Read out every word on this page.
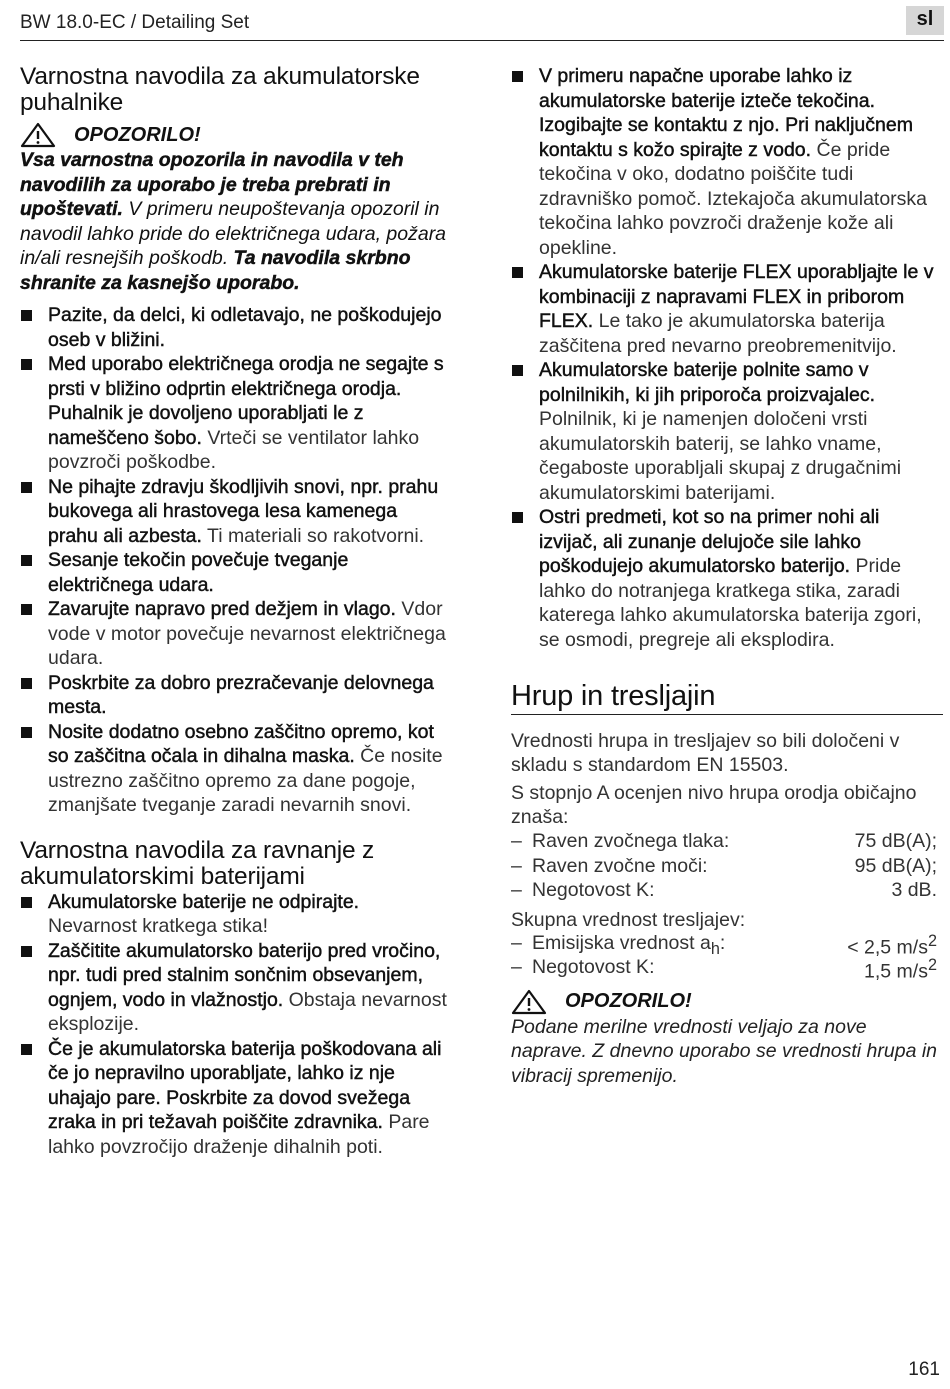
BW 18.0-EC / Detailing Set	sl
Varnostna navodila za akumulatorske puhalnike
OPOZORILO!
Vsa varnostna opozorila in navodila v teh navodilih za uporabo je treba prebrati in upoštevati. V primeru neupoštevanja opozoril in navodil lahko pride do električnega udara, požara in/ali resnejših poškodb. Ta navodila skrbno shranite za kasnejšo uporabo.
Pazite, da delci, ki odletavajo, ne poškodujejo oseb v bližini.
Med uporabo električnega orodja ne segajte s prsti v bližino odprtin električnega orodja. Puhalnik je dovoljeno uporabljati le z nameščeno šobo. Vrteči se ventilator lahko povzroči poškodbe.
Ne pihajte zdravju škodljivih snovi, npr. prahu bukovega ali hrastovega lesa kamenega prahu ali azbesta. Ti materiali so rakotvorni.
Sesanje tekočin povečuje tveganje električnega udara.
Zavarujte napravo pred dežjem in vlago. Vdor vode v motor povečuje nevarnost električnega udara.
Poskrbite za dobro prezračevanje delovnega mesta.
Nosite dodatno osebno zaščitno opremo, kot so zaščitna očala in dihalna maska. Če nosite ustrezno zaščitno opremo za dane pogoje, zmanjšate tveganje zaradi nevarnih snovi.
Varnostna navodila za ravnanje z akumulatorskimi baterijami
Akumulatorske baterije ne odpirajte. Nevarnost kratkega stika!
Zaščitite akumulatorsko baterijo pred vročino, npr. tudi pred stalnim sončnim obsevanjem, ognjem, vodo in vlažnostjo. Obstaja nevarnost eksplozije.
Če je akumulatorska baterija poškodovana ali če jo nepravilno uporabljate, lahko iz nje uhajajo pare. Poskrbite za dovod svežega zraka in pri težavah poiščite zdravnika. Pare lahko povzročijo draženje dihalnih poti.
V primeru napačne uporabe lahko iz akumulatorske baterije izteče tekočina. Izogibajte se kontaktu z njo. Pri naključnem kontaktu s kožo spirajte z vodo. Če pride tekočina v oko, dodatno poiščite tudi zdravniško pomoč. Iztekajoča akumulatorska tekočina lahko povzroči draženje kože ali opekline.
Akumulatorske baterije FLEX uporabljajte le v kombinaciji z napravami FLEX in priborom FLEX. Le tako je akumulatorska baterija zaščitena pred nevarno preobremenitvijo.
Akumulatorske baterije polnite samo v polnilnikih, ki jih priporoča proizvajalec. Polnilnik, ki je namenjen določeni vrsti akumulatorskih baterij, se lahko vname, čegaboste uporabljali skupaj z drugačnimi akumulatorskimi baterijami.
Ostri predmeti, kot so na primer nohi ali izvijač, ali zunanje delujoče sile lahko poškodujejo akumulatorsko baterijo. Pride lahko do notranjega kratkega stika, zaradi katerega lahko akumulatorska baterija zgori, se osmodi, pregreje ali eksplodira.
Hrup in tresljajin

Vrednosti hrupa in tresljajev so bili določeni v skladu s standardom EN 15503.

S stopnjo A ocenjen nivo hrupa orodja običajno znaša:

– Raven zvočnega tlaka:	75 dB(A);
– Raven zvočne moči:	95 dB(A);
– Negotovost K:	3 dB.

Skupna vrednost tresljajev:

– Emisijska vrednost $a_h$:	< 2,5 $m/s^2$
– Negotovost K:	1,5 $m/s^2$
OPOZORILO!
Podane merilne vrednosti veljajo za nove naprave. Z dnevno uporabo se vrednosti hrupa in vibracij spremenijo.
161
